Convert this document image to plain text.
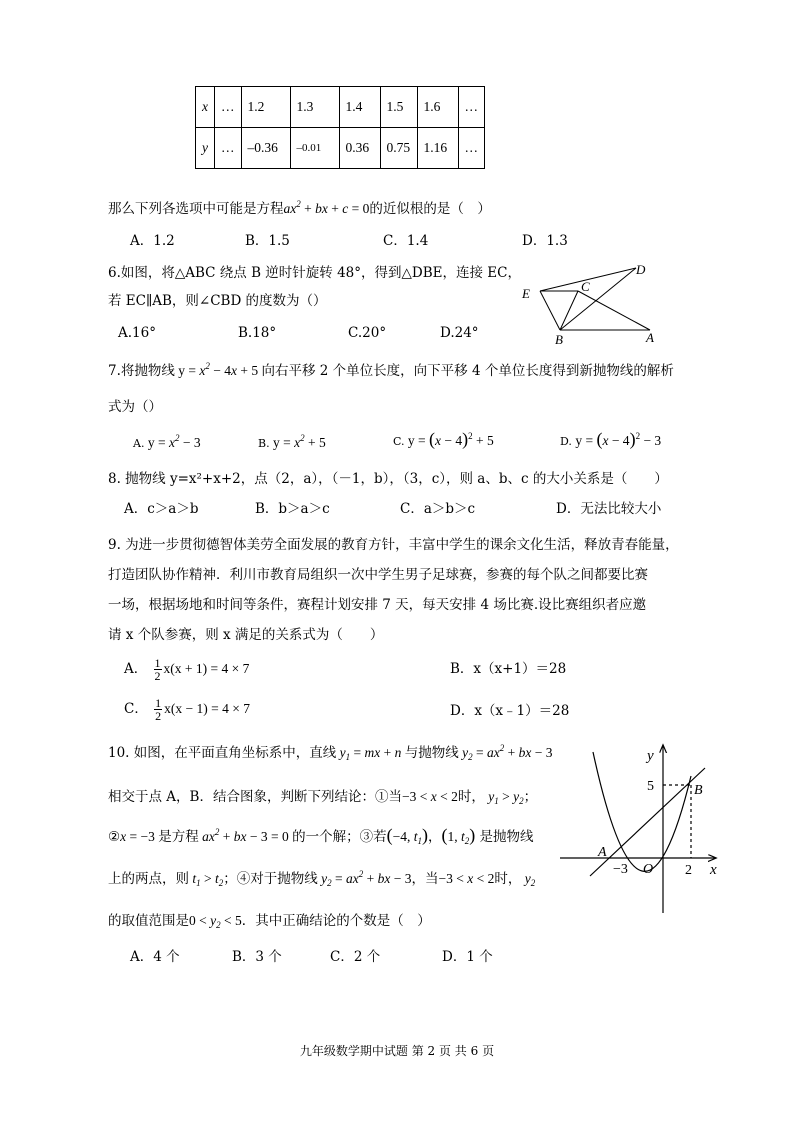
x	…	1.2	1.3	1.4	1.5	1.6	…
y	…	–0.36	–0.01	0.36	0.75	1.16	…
那么下列各选项中可能是方程$ax^2$ + bx + c = 0的近似根的是（　）
A．1.2	B．1.5	C．1.4	D．1.3
6.如图，将△ABC 绕点 B 逆时针旋转 48°，得到△DBE，连接 EC，
若 EC∥AB，则∠CBD 的度数为（）
A.16°	B.18°	C.20°	D.24°
E	C
D
B	A
7.将抛物线 $y = x^2 - 4x + 5$ 向右平移 2 个单位长度，向下平移 4 个单位长度得到新抛物线的解析
式为（）
A. $y = x^2 - 3$	B. $y = x^2 + 5$	C. $y = (x - 4)^2 + 5$	D. $y = (x - 4)^2 - 3$
8. 抛物线 y=x²+x+2，点（2，a），（－1，b），（3，c），则 a、b、c 的大小关系是（　　）
A．c＞a＞b	B．b＞a＞c	C．a＞b＞c	D．无法比较大小
9. 为进一步贯彻德智体美劳全面发展的教育方针，丰富中学生的课余文化生活，释放青春能量，
打造团队协作精神．利川市教育局组织一次中学生男子足球赛，参赛的每个队之间都要比赛
一场，根据场地和时间等条件，赛程计划安排 7 天，每天安排 4 场比赛.设比赛组织者应邀
请 x 个队参赛，则 x 满足的关系式为（　　）
A． $\frac{1}{2} x(x + 1) = 4 \times 7$	B．x（x+1）＝28
C． $\frac{1}{2} x(x - 1) = 4 \times 7$	D．x（x﹣1）＝28
10. 如图，在平面直角坐标系中，直线 $y_1$ = mx + n 与抛物线 $y_2 = ax^2$ + bx − 3
相交于点 A，B．结合图象，判断下列结论：①当−3 < x < 2时， $y_1 > y_2$；
②x = −3 是方程 $ax^2$ + bx − 3 = 0 的一个解；③若(−4, $t_1$)，(1, $t_2$) 是抛物线
上的两点，则 $t_1 > t_2$；④对于抛物线 $y_2 = ax^2$ + bx − 3，当−3 < x < 2时， $y_2$
的取值范围是$0 < y_2 < 5$．其中正确结论的个数是（　）
A．4 个	B．3 个	C．2 个	D．1 个
y
x
5	B
A
−3 O 2
九年级数学期中试题 第 2 页 共 6 页
